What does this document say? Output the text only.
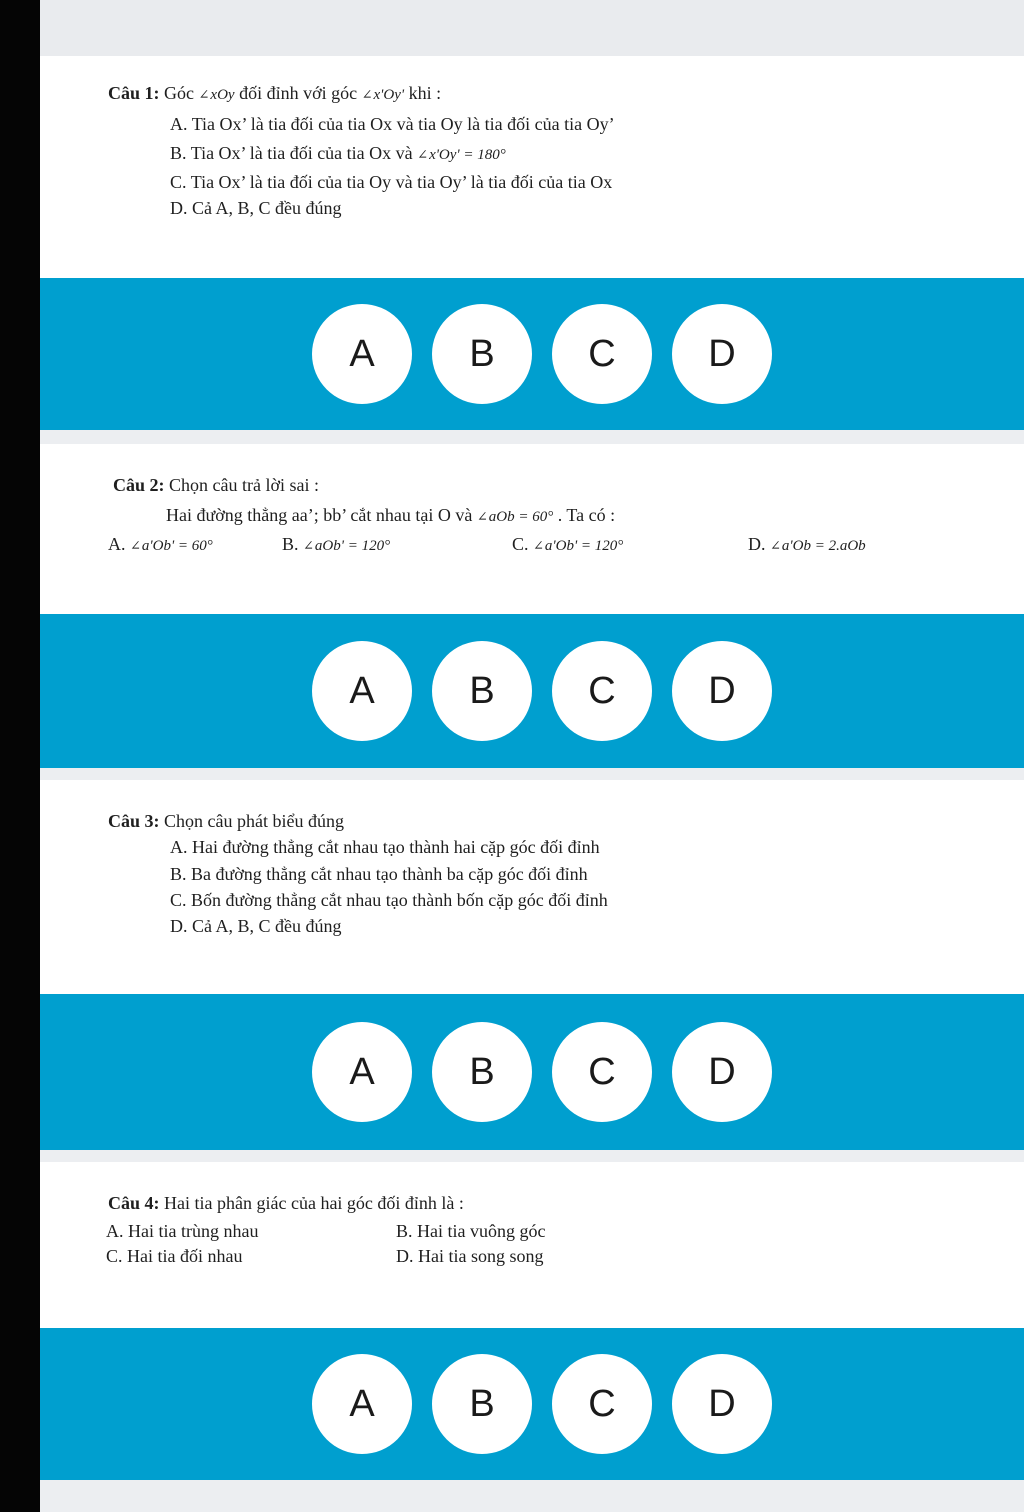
Câu 1: Góc ∠xOy đối đỉnh với góc ∠x'Oy' khi :
A. Tia Ox’ là tia đối của tia Ox và tia Oy là tia đối của tia Oy’
B. Tia Ox’ là tia đối của tia Ox và ∠x'Oy' = 180°
C. Tia Ox’ là tia đối của tia Oy và tia Oy’ là tia đối của tia Ox
D. Cả A, B, C đều đúng
A	B	C	D
Câu 2: Chọn câu trả lời sai :
Hai đường thẳng aa’; bb’ cắt nhau tại O và ∠aOb = 60° . Ta có :
A. ∠a'Ob' = 60°	B. ∠aOb' = 120°	C. ∠a'Ob' = 120°	D. ∠a'Ob = 2.aOb
A	B	C	D
Câu 3: Chọn câu phát biểu đúng
A. Hai đường thẳng cắt nhau tạo thành hai cặp góc đối đỉnh
B. Ba đường thẳng cắt nhau tạo thành ba cặp góc đối đỉnh
C. Bốn đường thẳng cắt nhau tạo thành bốn cặp góc đối đỉnh
D. Cả A, B, C đều đúng
A	B	C	D
Câu 4: Hai tia phân giác của hai góc đối đỉnh là :
A. Hai tia trùng nhau	B. Hai tia vuông góc
C. Hai tia đối nhau	D. Hai tia song song
A	B	C	D
